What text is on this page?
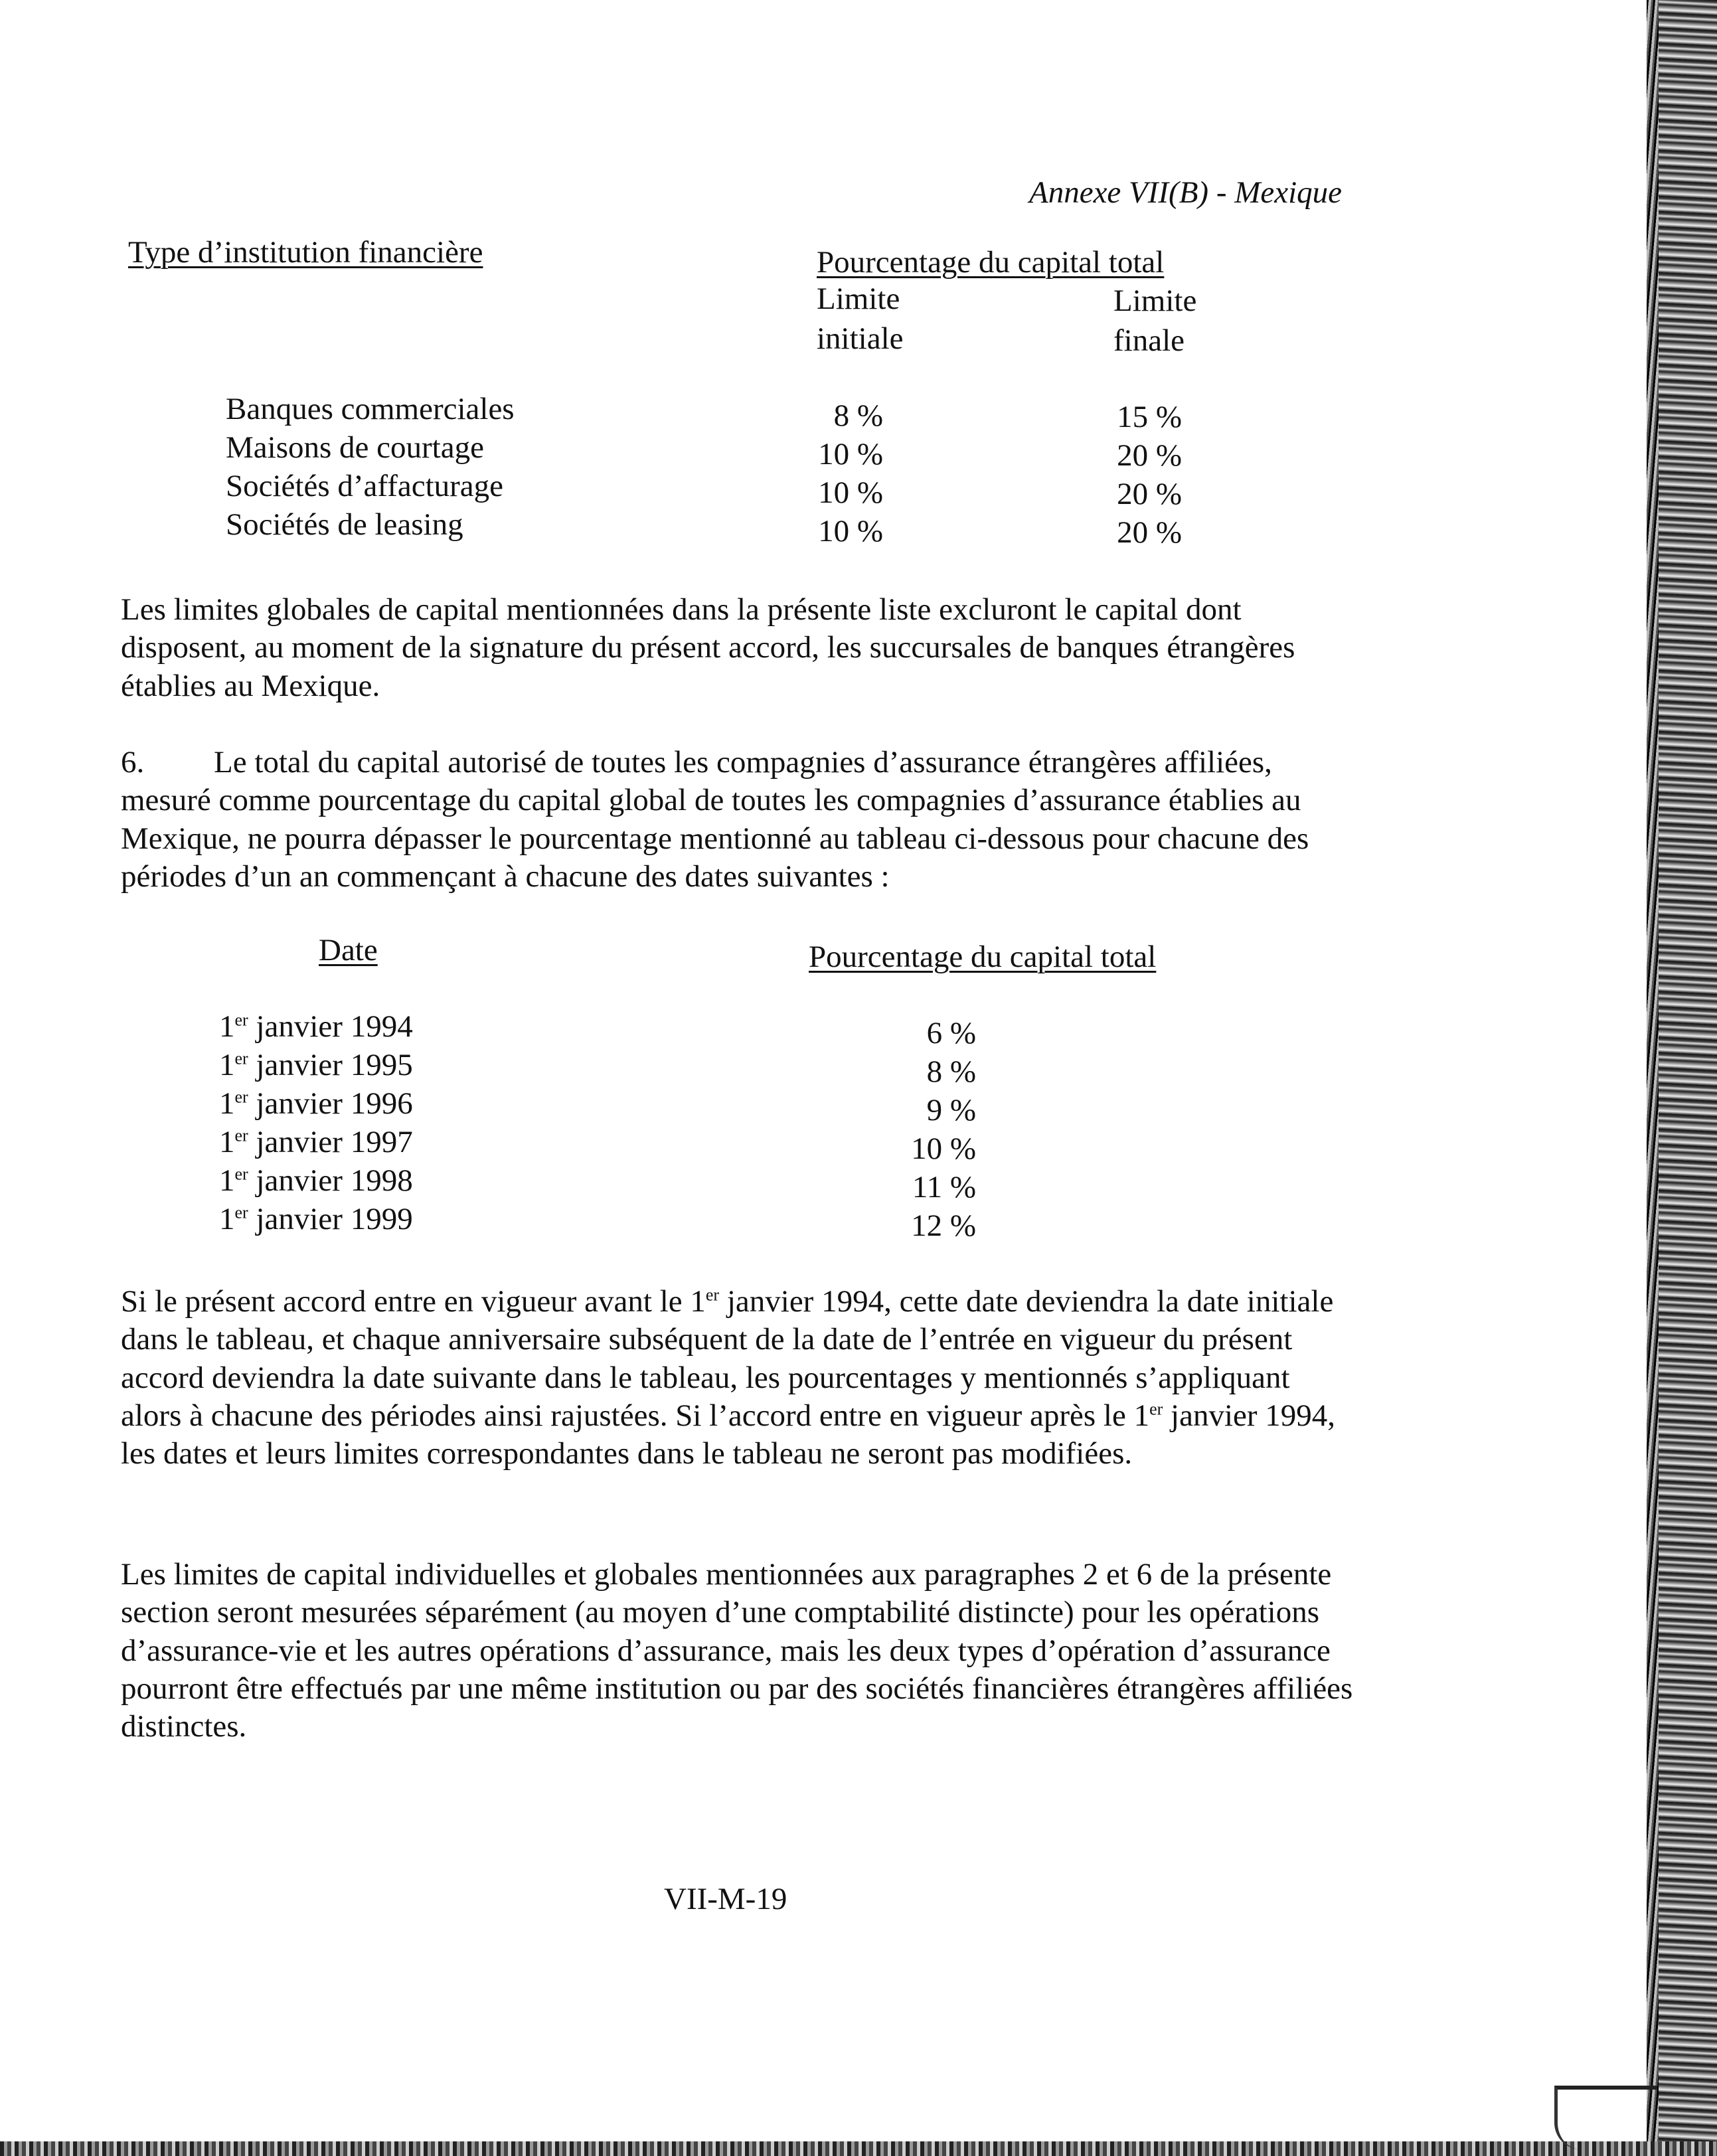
Annexe VII(B) - Mexique
Type d’institution financière	Pourcentage du capital total
Limite
initiale
Limite
finale
Banques commerciales	8 %	15 %
Maisons de courtage	10 %	20 %
Sociétés d’affacturage	10 %	20 %
Sociétés de leasing	10 %	20 %

Les limites globales de capital mentionnées dans la présente liste excluront le capital dont disposent, au moment de la signature du présent accord, les succursales de banques étrangères établies au Mexique.

6. Le total du capital autorisé de toutes les compagnies d’assurance étrangères affiliées, mesuré comme pourcentage du capital global de toutes les compagnies d’assurance établies au Mexique, ne pourra dépasser le pourcentage mentionné au tableau ci-dessous pour chacune des périodes d’un an commençant à chacune des dates suivantes :

Date	Pourcentage du capital total
1er janvier 1994	6 %
1er janvier 1995	8 %
1er janvier 1996	9 %
1er janvier 1997	10 %
1er janvier 1998	11 %
1er janvier 1999	12 %

Si le présent accord entre en vigueur avant le 1er janvier 1994, cette date deviendra la date initiale dans le tableau, et chaque anniversaire subséquent de la date de l’entrée en vigueur du présent accord deviendra la date suivante dans le tableau, les pourcentages y mentionnés s’appliquant alors à chacune des périodes ainsi rajustées. Si l’accord entre en vigueur après le 1er janvier 1994, les dates et leurs limites correspondantes dans le tableau ne seront pas modifiées.

Les limites de capital individuelles et globales mentionnées aux paragraphes 2 et 6 de la présente section seront mesurées séparément (au moyen d’une comptabilité distincte) pour les opérations d’assurance-vie et les autres opérations d’assurance, mais les deux types d’opération d’assurance pourront être effectués par une même institution ou par des sociétés financières étrangères affiliées distinctes.

VII-M-19
